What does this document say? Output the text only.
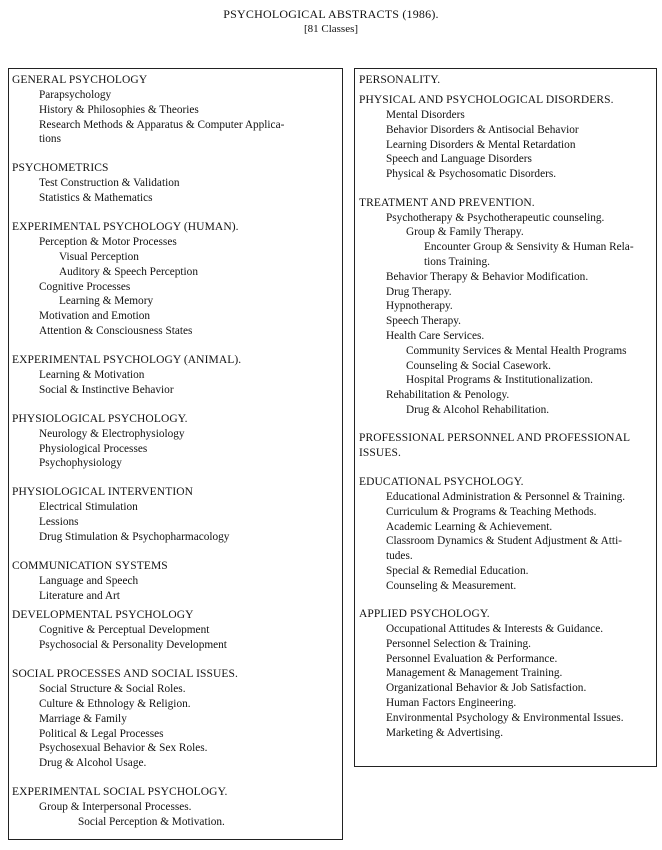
PSYCHOLOGICAL ABSTRACTS (1986).
[81 Classes]
GENERAL PSYCHOLOGY
Parapsychology
History & Philosophies & Theories
Research Methods & Apparatus & Computer Applica-
tions
PSYCHOMETRICS
Test Construction & Validation
Statistics & Mathematics
EXPERIMENTAL PSYCHOLOGY (HUMAN).
Perception & Motor Processes
Visual Perception
Auditory & Speech Perception
Cognitive Processes
Learning & Memory
Motivation and Emotion
Attention & Consciousness States
EXPERIMENTAL PSYCHOLOGY (ANIMAL).
Learning & Motivation
Social & Instinctive Behavior
PHYSIOLOGICAL PSYCHOLOGY.
Neurology & Electrophysiology
Physiological Processes
Psychophysiology
PHYSIOLOGICAL INTERVENTION
Electrical Stimulation
Lessions
Drug Stimulation & Psychopharmacology
COMMUNICATION SYSTEMS
Language and Speech
Literature and Art
DEVELOPMENTAL PSYCHOLOGY
Cognitive & Perceptual Development
Psychosocial & Personality Development
SOCIAL PROCESSES AND SOCIAL ISSUES.
Social Structure & Social Roles.
Culture & Ethnology & Religion.
Marriage & Family
Political & Legal Processes
Psychosexual Behavior & Sex Roles.
Drug & Alcohol Usage.
EXPERIMENTAL SOCIAL PSYCHOLOGY.
Group & Interpersonal Processes.
Social Perception & Motivation.
PERSONALITY.
PHYSICAL AND PSYCHOLOGICAL DISORDERS.
Mental Disorders
Behavior Disorders & Antisocial Behavior
Learning Disorders & Mental Retardation
Speech and Language Disorders
Physical & Psychosomatic Disorders.
TREATMENT AND PREVENTION.
Psychotherapy & Psychotherapeutic counseling.
Group & Family Therapy.
Encounter Group & Sensivity & Human Rela-
tions Training.
Behavior Therapy & Behavior Modification.
Drug Therapy.
Hypnotherapy.
Speech Therapy.
Health Care Services.
Community Services & Mental Health Programs
Counseling & Social Casework.
Hospital Programs & Institutionalization.
Rehabilitation & Penology.
Drug & Alcohol Rehabilitation.
PROFESSIONAL PERSONNEL AND PROFESSIONAL
ISSUES.
EDUCATIONAL PSYCHOLOGY.
Educational Administration & Personnel & Training.
Curriculum & Programs & Teaching Methods.
Academic Learning & Achievement.
Classroom Dynamics & Student Adjustment & Atti-
tudes.
Special & Remedial Education.
Counseling & Measurement.
APPLIED PSYCHOLOGY.
Occupational Attitudes & Interests & Guidance.
Personnel Selection & Training.
Personnel Evaluation & Performance.
Management & Management Training.
Organizational Behavior & Job Satisfaction.
Human Factors Engineering.
Environmental Psychology & Environmental Issues.
Marketing & Advertising.
